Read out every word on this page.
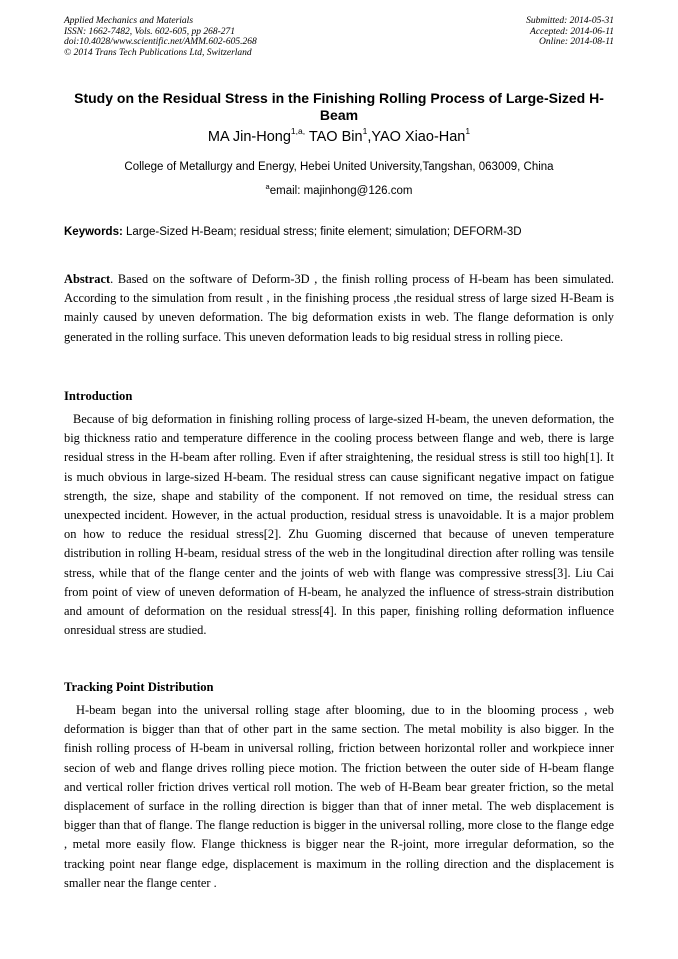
Applied Mechanics and Materials
ISSN: 1662-7482, Vols. 602-605, pp 268-271
doi:10.4028/www.scientific.net/AMM.602-605.268
© 2014 Trans Tech Publications Ltd, Switzerland
Submitted: 2014-05-31
Accepted: 2014-06-11
Online: 2014-08-11
Study on the Residual Stress in the Finishing Rolling Process of Large-Sized H-Beam
MA Jin-Hong$^{1,a,}$ TAO Bin$^1$,YAO Xiao-Han$^1$
College of Metallurgy and Energy, Hebei United University,Tangshan, 063009, China
$^a$email: majinhong@126.com
Keywords: Large-Sized H-Beam; residual stress; finite element; simulation; DEFORM-3D
Abstract. Based on the software of Deform-3D , the finish rolling process of H-beam has been simulated. According to the simulation from result , in the finishing process ,the residual stress of large sized H-Beam is mainly caused by uneven deformation. The big deformation exists in web. The flange deformation is only generated in the rolling surface. This uneven deformation leads to big residual stress in rolling piece.
Introduction
Because of big deformation in finishing rolling process of large-sized H-beam, the uneven deformation, the big thickness ratio and temperature difference in the cooling process between flange and web, there is large residual stress in the H-beam after rolling. Even if after straightening, the residual stress is still too high[1]. It is much obvious in large-sized H-beam. The residual stress can cause significant negative impact on fatigue strength, the size, shape and stability of the component. If not removed on time, the residual stress can unexpected incident. However, in the actual production, residual stress is unavoidable. It is a major problem on how to reduce the residual stress[2]. Zhu Guoming discerned that because of uneven temperature distribution in rolling H-beam, residual stress of the web in the longitudinal direction after rolling was tensile stress, while that of the flange center and the joints of web with flange was compressive stress[3]. Liu Cai from point of view of uneven deformation of H-beam, he analyzed the influence of stress-strain distribution and amount of deformation on the residual stress[4]. In this paper, finishing rolling deformation influence onresidual stress are studied.
Tracking Point Distribution
H-beam began into the universal rolling stage after blooming, due to in the blooming process , web deformation is bigger than that of other part in the same section. The metal mobility is also bigger. In the finish rolling process of H-beam in universal rolling, friction between horizontal roller and workpiece inner secion of web and flange drives rolling piece motion. The friction between the outer side of H-beam flange and vertical roller friction drives vertical roll motion. The web of H-Beam bear greater friction, so the metal displacement of surface in the rolling direction is bigger than that of inner metal. The web displacement is bigger than that of flange. The flange reduction is bigger in the universal rolling, more close to the flange edge , metal more easily flow. Flange thickness is bigger near the R-joint, more irregular deformation, so the tracking point near flange edge, displacement is maximum in the rolling direction and the displacement is smaller near the flange center .
